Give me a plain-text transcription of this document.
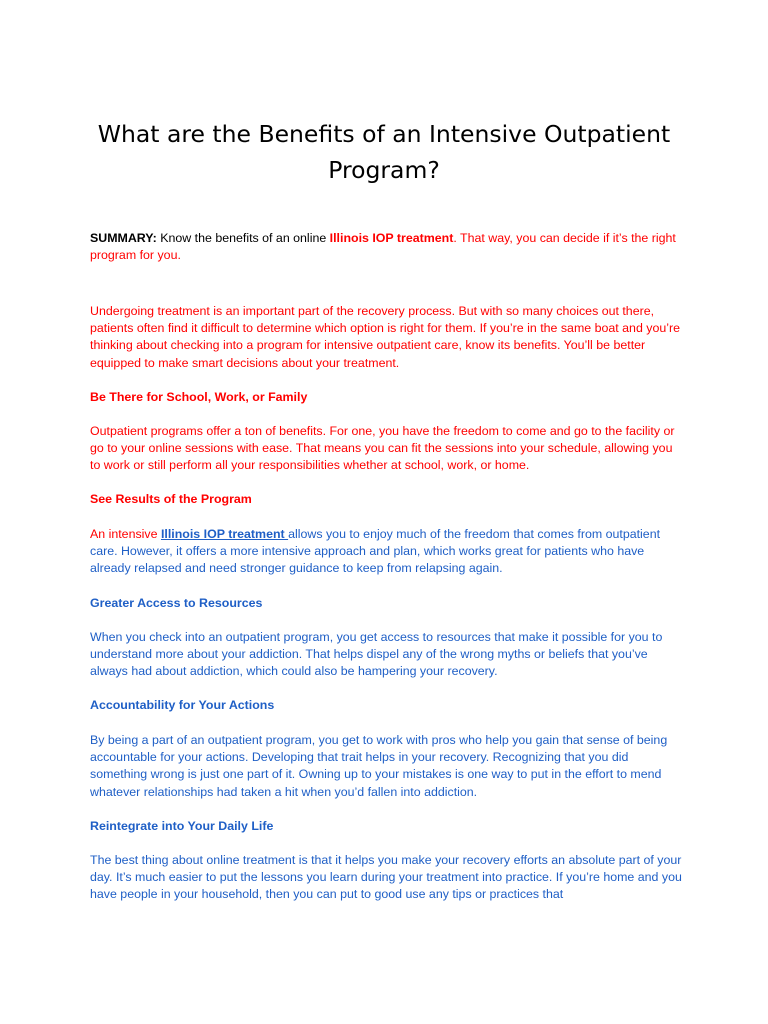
What are the Benefits of an Intensive Outpatient Program?

SUMMARY: Know the benefits of an online Illinois IOP treatment. That way, you can decide if it’s the right program for you.

Undergoing treatment is an important part of the recovery process. But with so many choices out there, patients often find it difficult to determine which option is right for them. If you’re in the same boat and you’re thinking about checking into a program for intensive outpatient care, know its benefits. You’ll be better equipped to make smart decisions about your treatment.

Be There for School, Work, or Family

Outpatient programs offer a ton of benefits. For one, you have the freedom to come and go to the facility or go to your online sessions with ease. That means you can fit the sessions into your schedule, allowing you to work or still perform all your responsibilities whether at school, work, or home.

See Results of the Program

An intensive Illinois IOP treatment allows you to enjoy much of the freedom that comes from outpatient care. However, it offers a more intensive approach and plan, which works great for patients who have already relapsed and need stronger guidance to keep from relapsing again.

Greater Access to Resources

When you check into an outpatient program, you get access to resources that make it possible for you to understand more about your addiction. That helps dispel any of the wrong myths or beliefs that you’ve always had about addiction, which could also be hampering your recovery.

Accountability for Your Actions

By being a part of an outpatient program, you get to work with pros who help you gain that sense of being accountable for your actions. Developing that trait helps in your recovery. Recognizing that you did something wrong is just one part of it. Owning up to your mistakes is one way to put in the effort to mend whatever relationships had taken a hit when you’d fallen into addiction.

Reintegrate into Your Daily Life

The best thing about online treatment is that it helps you make your recovery efforts an absolute part of your day. It’s much easier to put the lessons you learn during your treatment into practice. If you’re home and you have people in your household, then you can put to good use any tips or practices that
